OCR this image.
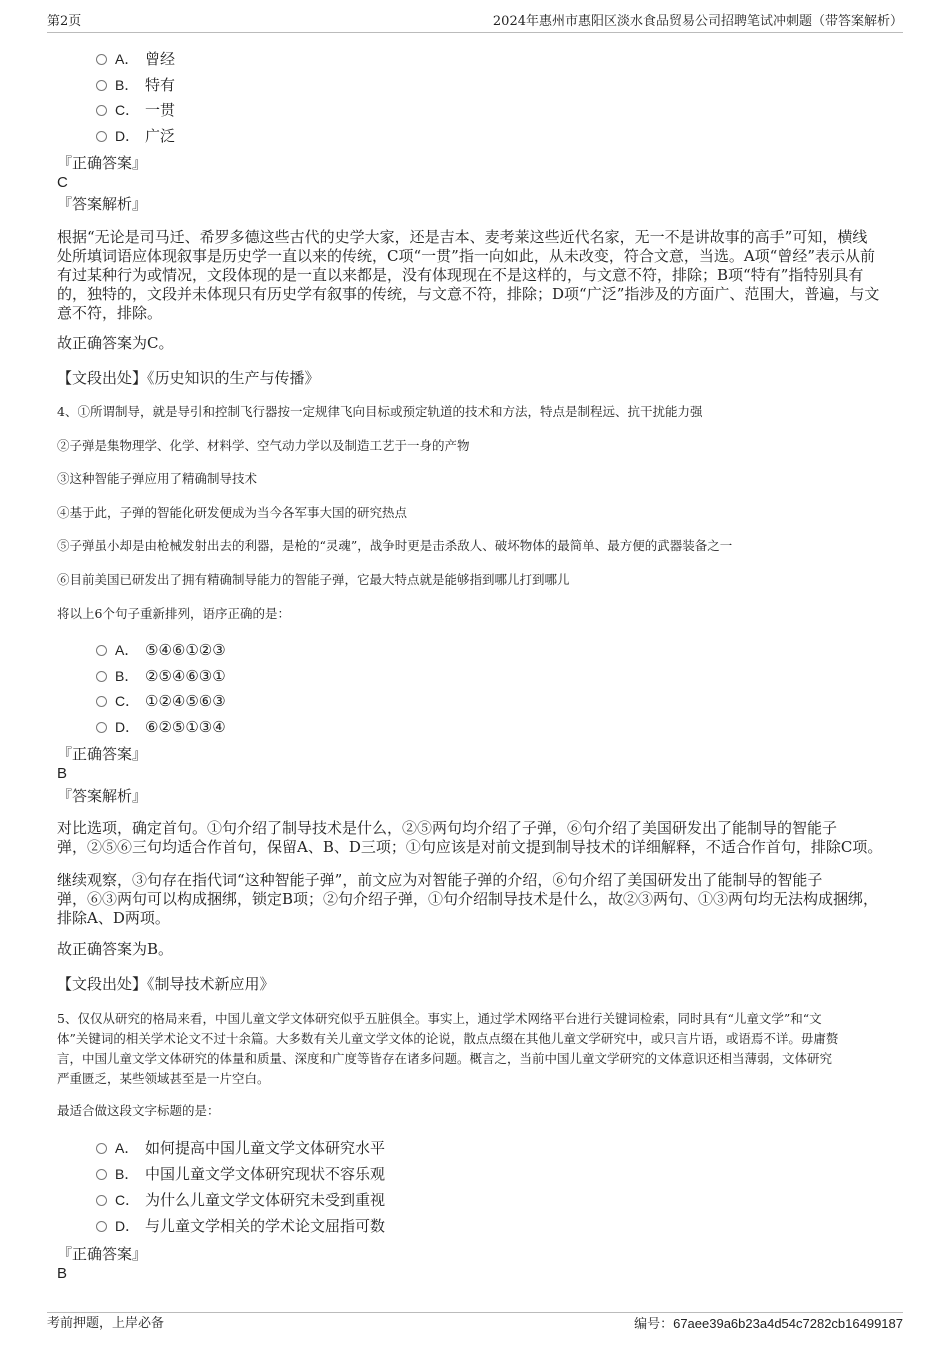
第2页	2024年惠州市惠阳区淡水食品贸易公司招聘笔试冲刺题（带答案解析）
A． 曾经
B． 特有
C． 一贯
D． 广泛
『正确答案』
C
『答案解析』
根据“无论是司马迁、希罗多德这些古代的史学大家，还是吉本、麦考莱这些近代名家，无一不是讲故事的高手”可知，横线
处所填词语应体现叙事是历史学一直以来的传统，C项“一贯”指一向如此，从未改变，符合文意，当选。A项“曾经”表示从前
有过某种行为或情况，文段体现的是一直以来都是，没有体现现在不是这样的，与文意不符，排除；B项“特有”指特别具有
的，独特的，文段并未体现只有历史学有叙事的传统，与文意不符，排除；D项“广泛”指涉及的方面广、范围大，普遍，与文
意不符，排除。
故正确答案为C。
【文段出处】《历史知识的生产与传播》
4、①所谓制导，就是导引和控制飞行器按一定规律飞向目标或预定轨道的技术和方法，特点是制程远、抗干扰能力强
②子弹是集物理学、化学、材料学、空气动力学以及制造工艺于一身的产物
③这种智能子弹应用了精确制导技术
④基于此，子弹的智能化研发便成为当今各军事大国的研究热点
⑤子弹虽小却是由枪械发射出去的利器，是枪的“灵魂”，战争时更是击杀敌人、破坏物体的最简单、最方便的武器装备之一
⑥目前美国已研发出了拥有精确制导能力的智能子弹，它最大特点就是能够指到哪儿打到哪儿
将以上6个句子重新排列，语序正确的是：
A． ⑤④⑥①②③
B． ②⑤④⑥③①
C． ①②④⑤⑥③
D． ⑥②⑤①③④
『正确答案』
B
『答案解析』
对比选项，确定首句。①句介绍了制导技术是什么，②⑤两句均介绍了子弹，⑥句介绍了美国研发出了能制导的智能子
弹，②⑤⑥三句均适合作首句，保留A、B、D三项；①句应该是对前文提到制导技术的详细解释，不适合作首句，排除C项。
继续观察，③句存在指代词“这种智能子弹”，前文应为对智能子弹的介绍，⑥句介绍了美国研发出了能制导的智能子
弹，⑥③两句可以构成捆绑，锁定B项；②句介绍子弹，①句介绍制导技术是什么，故②③两句、①③两句均无法构成捆绑，
排除A、D两项。
故正确答案为B。
【文段出处】《制导技术新应用》
5、仅仅从研究的格局来看，中国儿童文学文体研究似乎五脏俱全。事实上，通过学术网络平台进行关键词检索，同时具有“儿童文学”和“文
体”关键词的相关学术论文不过十余篇。大多数有关儿童文学文体的论说，散点点缀在其他儿童文学研究中，或只言片语，或语焉不详。毋庸赘
言，中国儿童文学文体研究的体量和质量、深度和广度等皆存在诸多问题。概言之，当前中国儿童文学研究的文体意识还相当薄弱，文体研究
严重匮乏，某些领域甚至是一片空白。
最适合做这段文字标题的是：
A． 如何提高中国儿童文学文体研究水平
B． 中国儿童文学文体研究现状不容乐观
C． 为什么儿童文学文体研究未受到重视
D． 与儿童文学相关的学术论文屈指可数
『正确答案』
B
考前押题，上岸必备	编号：67aee39a6b23a4d54c7282cb16499187
